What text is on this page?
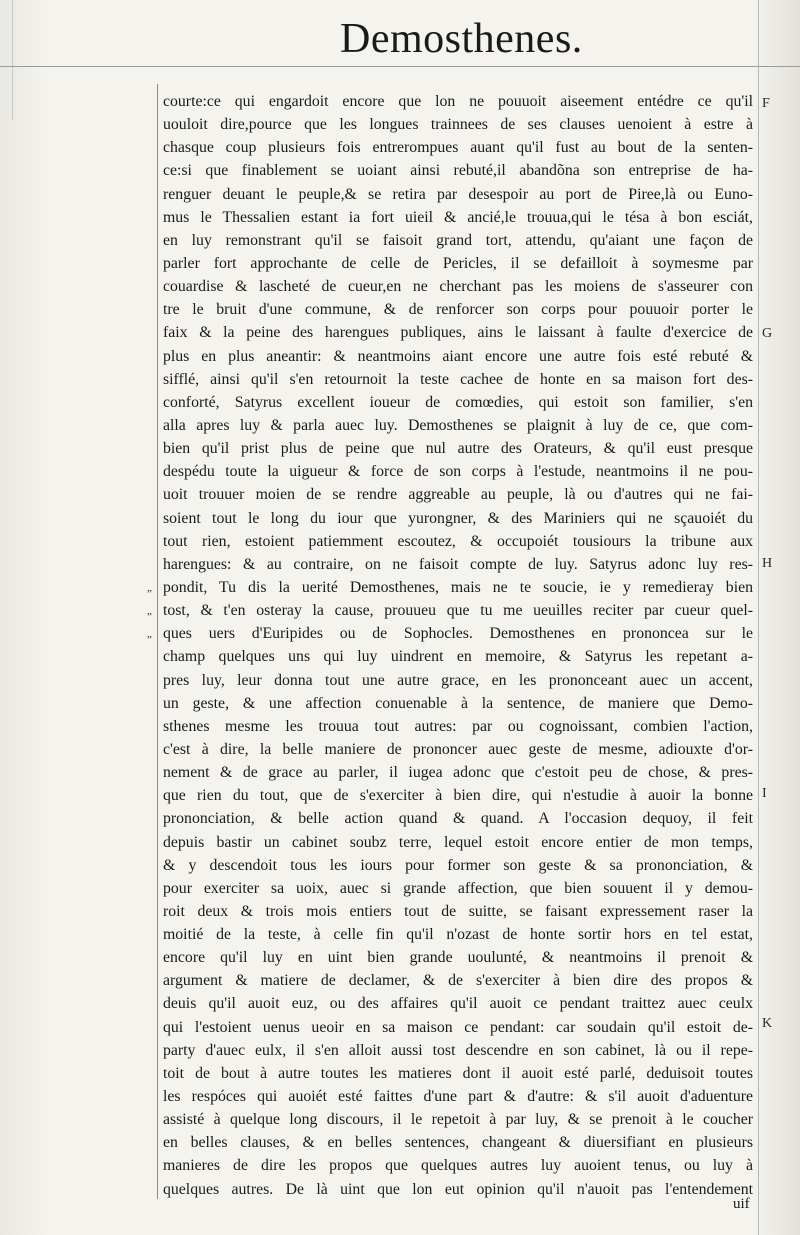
Demosthenes.
courte:ce qui engardoit encore que lon ne pouuoit aiseement entédre ce qu'il
uouloit dire,pource que les longues trainnees de ses clauses uenoient à estre à
chasque coup plusieurs fois entrerompues auant qu'il fust au bout de la senten-
ce:si que finablement se uoiant ainsi rebuté,il abandõna son entreprise de ha-
renguer deuant le peuple,& se retira par desespoir au port de Piree,là ou Euno-
mus le Thessalien estant ia fort uieil & ancié,le trouua,qui le tésa à bon esciát,
en luy remonstrant qu'il se faisoit grand tort, attendu, qu'aiant une façon de
parler fort approchante de celle de Pericles, il se defailloit à soymesme par
couardise & lascheté de cueur,en ne cherchant pas les moiens de s'asseurer con
tre le bruit d'une commune, & de renforcer son corps pour pouuoir porter le
faix & la peine des harengues publiques, ains le laissant à faulte d'exercice de
plus en plus aneantir: & neantmoins aiant encore une autre fois esté rebuté &
sifflé, ainsi qu'il s'en retournoit la teste cachee de honte en sa maison fort des-
conforté, Satyrus excellent ioueur de comœdies, qui estoit son familier, s'en
alla apres luy & parla auec luy. Demosthenes se plaignit à luy de ce, que com-
bien qu'il prist plus de peine que nul autre des Orateurs, & qu'il eust presque
despédu toute la uigueur & force de son corps à l'estude, neantmoins il ne pou-
uoit trouuer moien de se rendre aggreable au peuple, là ou d'autres qui ne fai-
soient tout le long du iour que yurongner, & des Mariniers qui ne sçauoiét du
tout rien, estoient patiemment escoutez, & occupoiét tousiours la tribune aux
harengues: & au contraire, on ne faisoit compte de luy. Satyrus adonc luy res-
pondit, Tu dis la uerité Demosthenes, mais ne te soucie, ie y remedieray bien
tost, & t'en osteray la cause, prouueu que tu me ueuilles reciter par cueur quel-
ques uers d'Euripides ou de Sophocles. Demosthenes en prononcea sur le
champ quelques uns qui luy uindrent en memoire, & Satyrus les repetant a-
pres luy, leur donna tout une autre grace, en les prononceant auec un accent,
un geste, & une affection conuenable à la sentence, de maniere que Demo-
sthenes mesme les trouua tout autres: par ou cognoissant, combien l'action,
c'est à dire, la belle maniere de prononcer auec geste de mesme, adiouxte d'or-
nement & de grace au parler, il iugea adonc que c'estoit peu de chose, & pres-
que rien du tout, que de s'exerciter à bien dire, qui n'estudie à auoir la bonne
prononciation, & belle action quand & quand. A l'occasion dequoy, il feit
depuis bastir un cabinet soubz terre, lequel estoit encore entier de mon temps,
& y descendoit tous les iours pour former son geste & sa prononciation, &
pour exerciter sa uoix, auec si grande affection, que bien souuent il y demou-
roit deux & trois mois entiers tout de suitte, se faisant expressement raser la
moitié de la teste, à celle fin qu'il n'ozast de honte sortir hors en tel estat,
encore qu'il luy en uint bien grande uoulunté, & neantmoins il prenoit &
argument & matiere de declamer, & de s'exerciter à bien dire des propos &
deuis qu'il auoit euz, ou des affaires qu'il auoit ce pendant traittez auec ceulx
qui l'estoient uenus ueoir en sa maison ce pendant: car soudain qu'il estoit de-
party d'auec eulx, il s'en alloit aussi tost descendre en son cabinet, là ou il repe-
toit de bout à autre toutes les matieres dont il auoit esté parlé, deduisoit toutes
les respóces qui auoiét esté faittes d'une part & d'autre: & s'il auoit d'aduenture
assisté à quelque long discours, il le repetoit à par luy, & se prenoit à le coucher
en belles clauses, & en belles sentences, changeant & diuersifiant en plusieurs
manieres de dire les propos que quelques autres luy auoient tenus, ou luy à
quelques autres. De là uint que lon eut opinion qu'il n'auoit pas l'entendement
F
G
H
I
K
„
„
„
uif
